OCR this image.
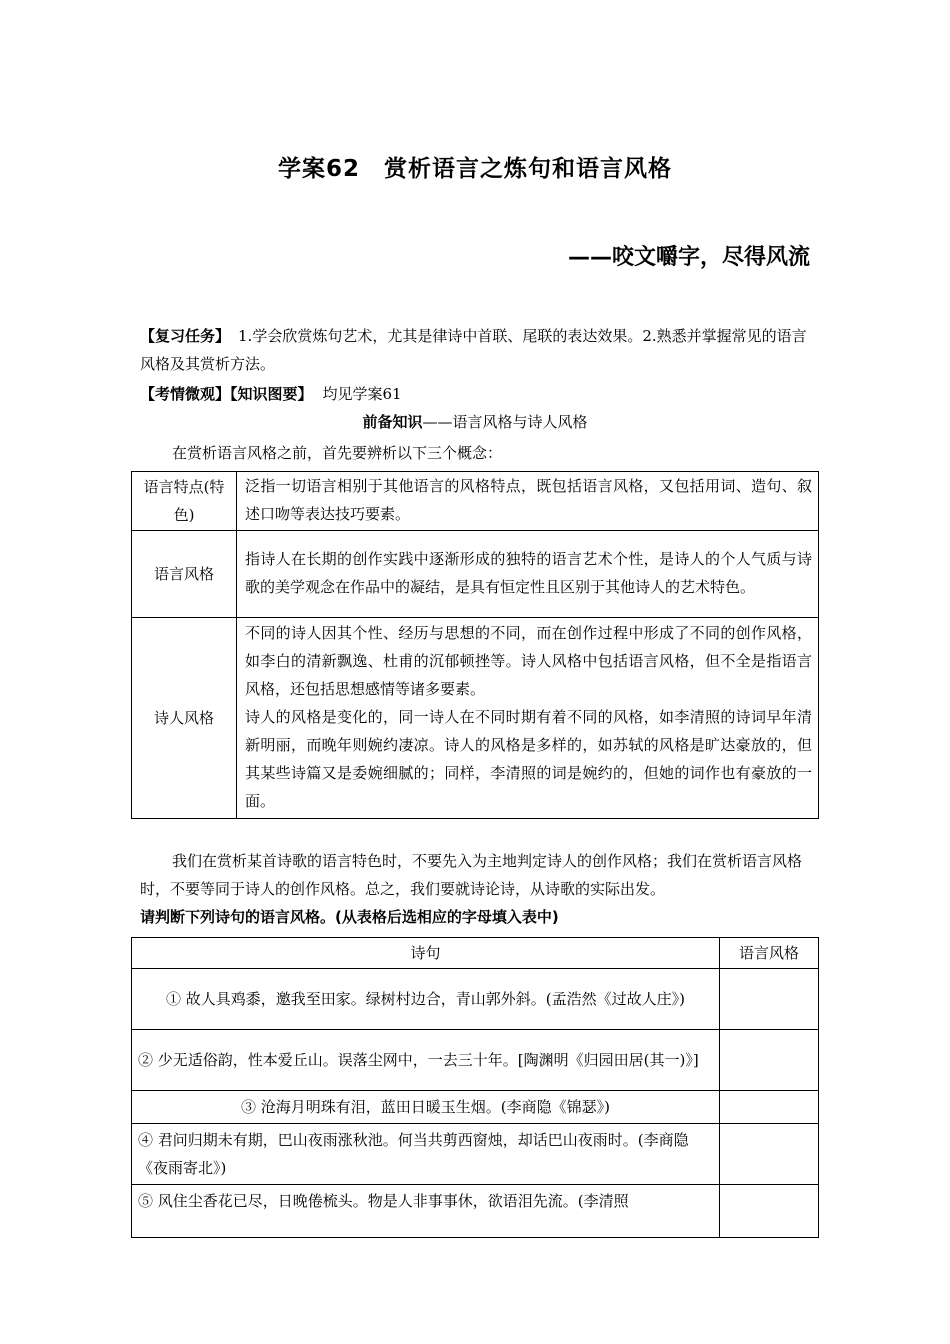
学案62　赏析语言之炼句和语言风格
——咬文嚼字，尽得风流
【复习任务】 1.学会欣赏炼句艺术，尤其是律诗中首联、尾联的表达效果。2.熟悉并掌握常见的语言风格及其赏析方法。
【考情微观】【知识图要】 均见学案61
前备知识——语言风格与诗人风格
在赏析语言风格之前，首先要辨析以下三个概念：
语言特点(特色)	泛指一切语言相别于其他语言的风格特点，既包括语言风格，又包括用词、造句、叙述口吻等表达技巧要素。

语言风格	指诗人在长期的创作实践中逐渐形成的独特的语言艺术个性，是诗人的个人气质与诗歌的美学观念在作品中的凝结，是具有恒定性且区别于其他诗人的艺术特色。

诗人风格	不同的诗人因其个性、经历与思想的不同，而在创作过程中形成了不同的创作风格，如李白的清新飘逸、杜甫的沉郁顿挫等。诗人风格中包括语言风格，但不全是指语言风格，还包括思想感情等诸多要素。
诗人的风格是变化的，同一诗人在不同时期有着不同的风格，如李清照的诗词早年清新明丽，而晚年则婉约凄凉。诗人的风格是多样的，如苏轼的风格是旷达豪放的，但其某些诗篇又是委婉细腻的；同样，李清照的词是婉约的，但她的词作也有豪放的一面。
我们在赏析某首诗歌的语言特色时，不要先入为主地判定诗人的创作风格；我们在赏析语言风格时，不要等同于诗人的创作风格。总之，我们要就诗论诗，从诗歌的实际出发。
请判断下列诗句的语言风格。(从表格后选相应的字母填入表中)
诗句	语言风格
① 故人具鸡黍，邀我至田家。绿树村边合，青山郭外斜。(孟浩然《过故人庄》)	
② 少无适俗韵，性本爱丘山。误落尘网中，一去三十年。[陶渊明《归园田居(其一)》]	
③ 沧海月明珠有泪，蓝田日暖玉生烟。(李商隐《锦瑟》)	
④ 君问归期未有期，巴山夜雨涨秋池。何当共剪西窗烛，却话巴山夜雨时。(李商隐《夜雨寄北》)	
⑤ 风住尘香花已尽，日晚倦梳头。物是人非事事休，欲语泪先流。(李清照	
